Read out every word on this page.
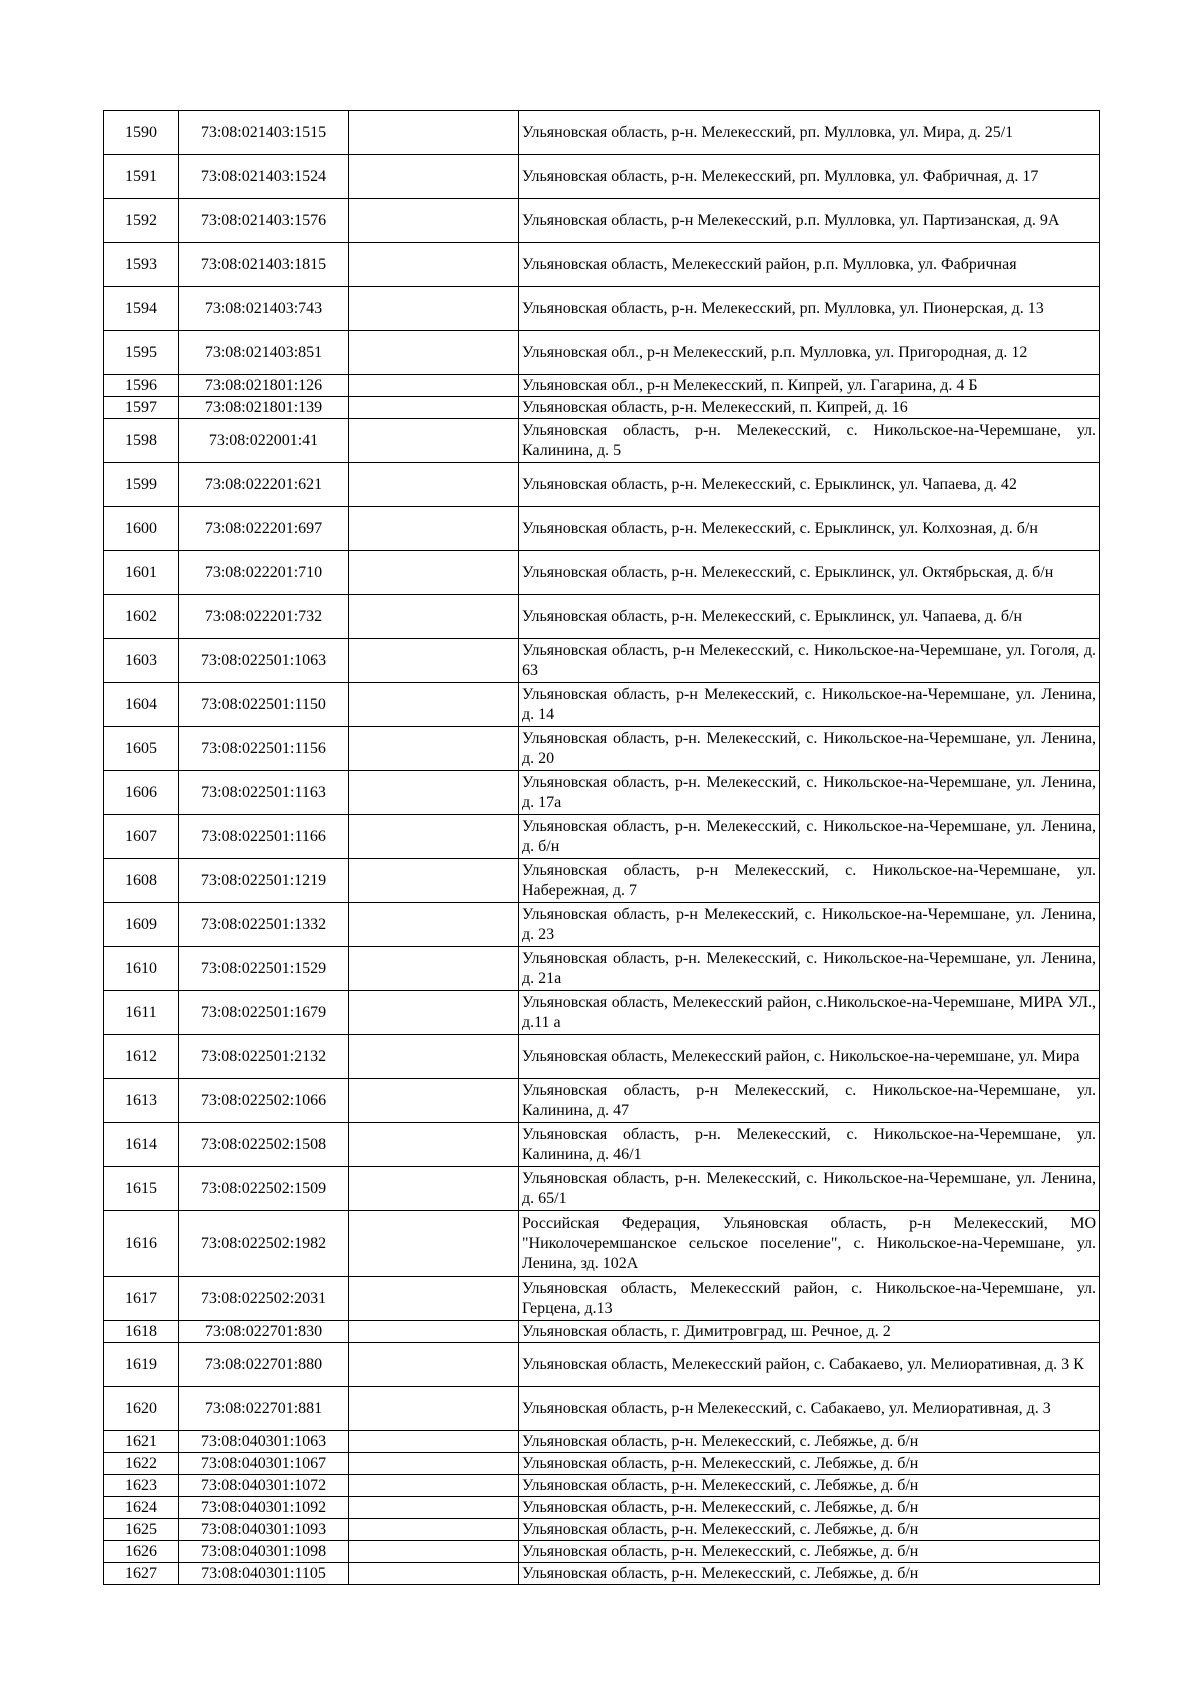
1590	73:08:021403:1515		Ульяновская область, р-н. Мелекесский, рп. Мулловка, ул. Мира, д. 25/1
1591	73:08:021403:1524		Ульяновская область, р-н. Мелекесский, рп. Мулловка, ул. Фабричная, д. 17
1592	73:08:021403:1576		Ульяновская область, р-н Мелекесский, р.п. Мулловка, ул. Партизанская, д. 9А
1593	73:08:021403:1815		Ульяновская область, Мелекесский район, р.п. Мулловка, ул. Фабричная
1594	73:08:021403:743		Ульяновская область, р-н. Мелекесский, рп. Мулловка, ул. Пионерская, д. 13
1595	73:08:021403:851		Ульяновская обл., р-н Мелекесский, р.п. Мулловка, ул. Пригородная, д. 12
1596	73:08:021801:126		Ульяновская обл., р-н Мелекесский, п. Кипрей, ул. Гагарина, д. 4 Б
1597	73:08:021801:139		Ульяновская область, р-н. Мелекесский, п. Кипрей, д. 16
1598	73:08:022001:41		Ульяновская область, р-н. Мелекесский, с. Никольское-на-Черемшане, ул. Калинина, д. 5
1599	73:08:022201:621		Ульяновская область, р-н. Мелекесский, с. Ерыклинск, ул. Чапаева, д. 42
1600	73:08:022201:697		Ульяновская область, р-н. Мелекесский, с. Ерыклинск, ул. Колхозная, д. б/н
1601	73:08:022201:710		Ульяновская область, р-н. Мелекесский, с. Ерыклинск, ул. Октябрьская, д. б/н
1602	73:08:022201:732		Ульяновская область, р-н. Мелекесский, с. Ерыклинск, ул. Чапаева, д. б/н
1603	73:08:022501:1063		Ульяновская область, р-н Мелекесский, с. Никольское-на-Черемшане, ул. Гоголя, д. 63
1604	73:08:022501:1150		Ульяновская область, р-н Мелекесский, с. Никольское-на-Черемшане, ул. Ленина, д. 14
1605	73:08:022501:1156		Ульяновская область, р-н. Мелекесский, с. Никольское-на-Черемшане, ул. Ленина, д. 20
1606	73:08:022501:1163		Ульяновская область, р-н. Мелекесский, с. Никольское-на-Черемшане, ул. Ленина, д. 17а
1607	73:08:022501:1166		Ульяновская область, р-н. Мелекесский, с. Никольское-на-Черемшане, ул. Ленина, д. б/н
1608	73:08:022501:1219		Ульяновская область, р-н Мелекесский, с. Никольское-на-Черемшане, ул. Набережная, д. 7
1609	73:08:022501:1332		Ульяновская область, р-н Мелекесский, с. Никольское-на-Черемшане, ул. Ленина, д. 23
1610	73:08:022501:1529		Ульяновская область, р-н. Мелекесский, с. Никольское-на-Черемшане, ул. Ленина, д. 21а
1611	73:08:022501:1679		Ульяновская область, Мелекесский район, с.Никольское-на-Черемшане, МИРА УЛ., д.11 а
1612	73:08:022501:2132		Ульяновская область, Мелекесский район, с. Никольское-на-черемшане, ул. Мира
1613	73:08:022502:1066		Ульяновская область, р-н Мелекесский, с. Никольское-на-Черемшане, ул. Калинина, д. 47
1614	73:08:022502:1508		Ульяновская область, р-н. Мелекесский, с. Никольское-на-Черемшане, ул. Калинина, д. 46/1
1615	73:08:022502:1509		Ульяновская область, р-н. Мелекесский, с. Никольское-на-Черемшане, ул. Ленина, д. 65/1
1616	73:08:022502:1982		Российская Федерация, Ульяновская область, р-н Мелекесский, МО "Николочеремшанское сельское поселение", с. Никольское-на-Черемшане, ул. Ленина, зд. 102А
1617	73:08:022502:2031		Ульяновская область, Мелекесский район, с. Никольское-на-Черемшане, ул. Герцена, д.13
1618	73:08:022701:830		Ульяновская область, г. Димитровград, ш. Речное, д. 2
1619	73:08:022701:880		Ульяновская область, Мелекесский район, с. Сабакаево, ул. Мелиоративная, д. 3 К
1620	73:08:022701:881		Ульяновская область, р-н Мелекесский, с. Сабакаево, ул. Мелиоративная, д. 3
1621	73:08:040301:1063		Ульяновская область, р-н. Мелекесский, с. Лебяжье, д. б/н
1622	73:08:040301:1067		Ульяновская область, р-н. Мелекесский, с. Лебяжье, д. б/н
1623	73:08:040301:1072		Ульяновская область, р-н. Мелекесский, с. Лебяжье, д. б/н
1624	73:08:040301:1092		Ульяновская область, р-н. Мелекесский, с. Лебяжье, д. б/н
1625	73:08:040301:1093		Ульяновская область, р-н. Мелекесский, с. Лебяжье, д. б/н
1626	73:08:040301:1098		Ульяновская область, р-н. Мелекесский, с. Лебяжье, д. б/н
1627	73:08:040301:1105		Ульяновская область, р-н. Мелекесский, с. Лебяжье, д. б/н
